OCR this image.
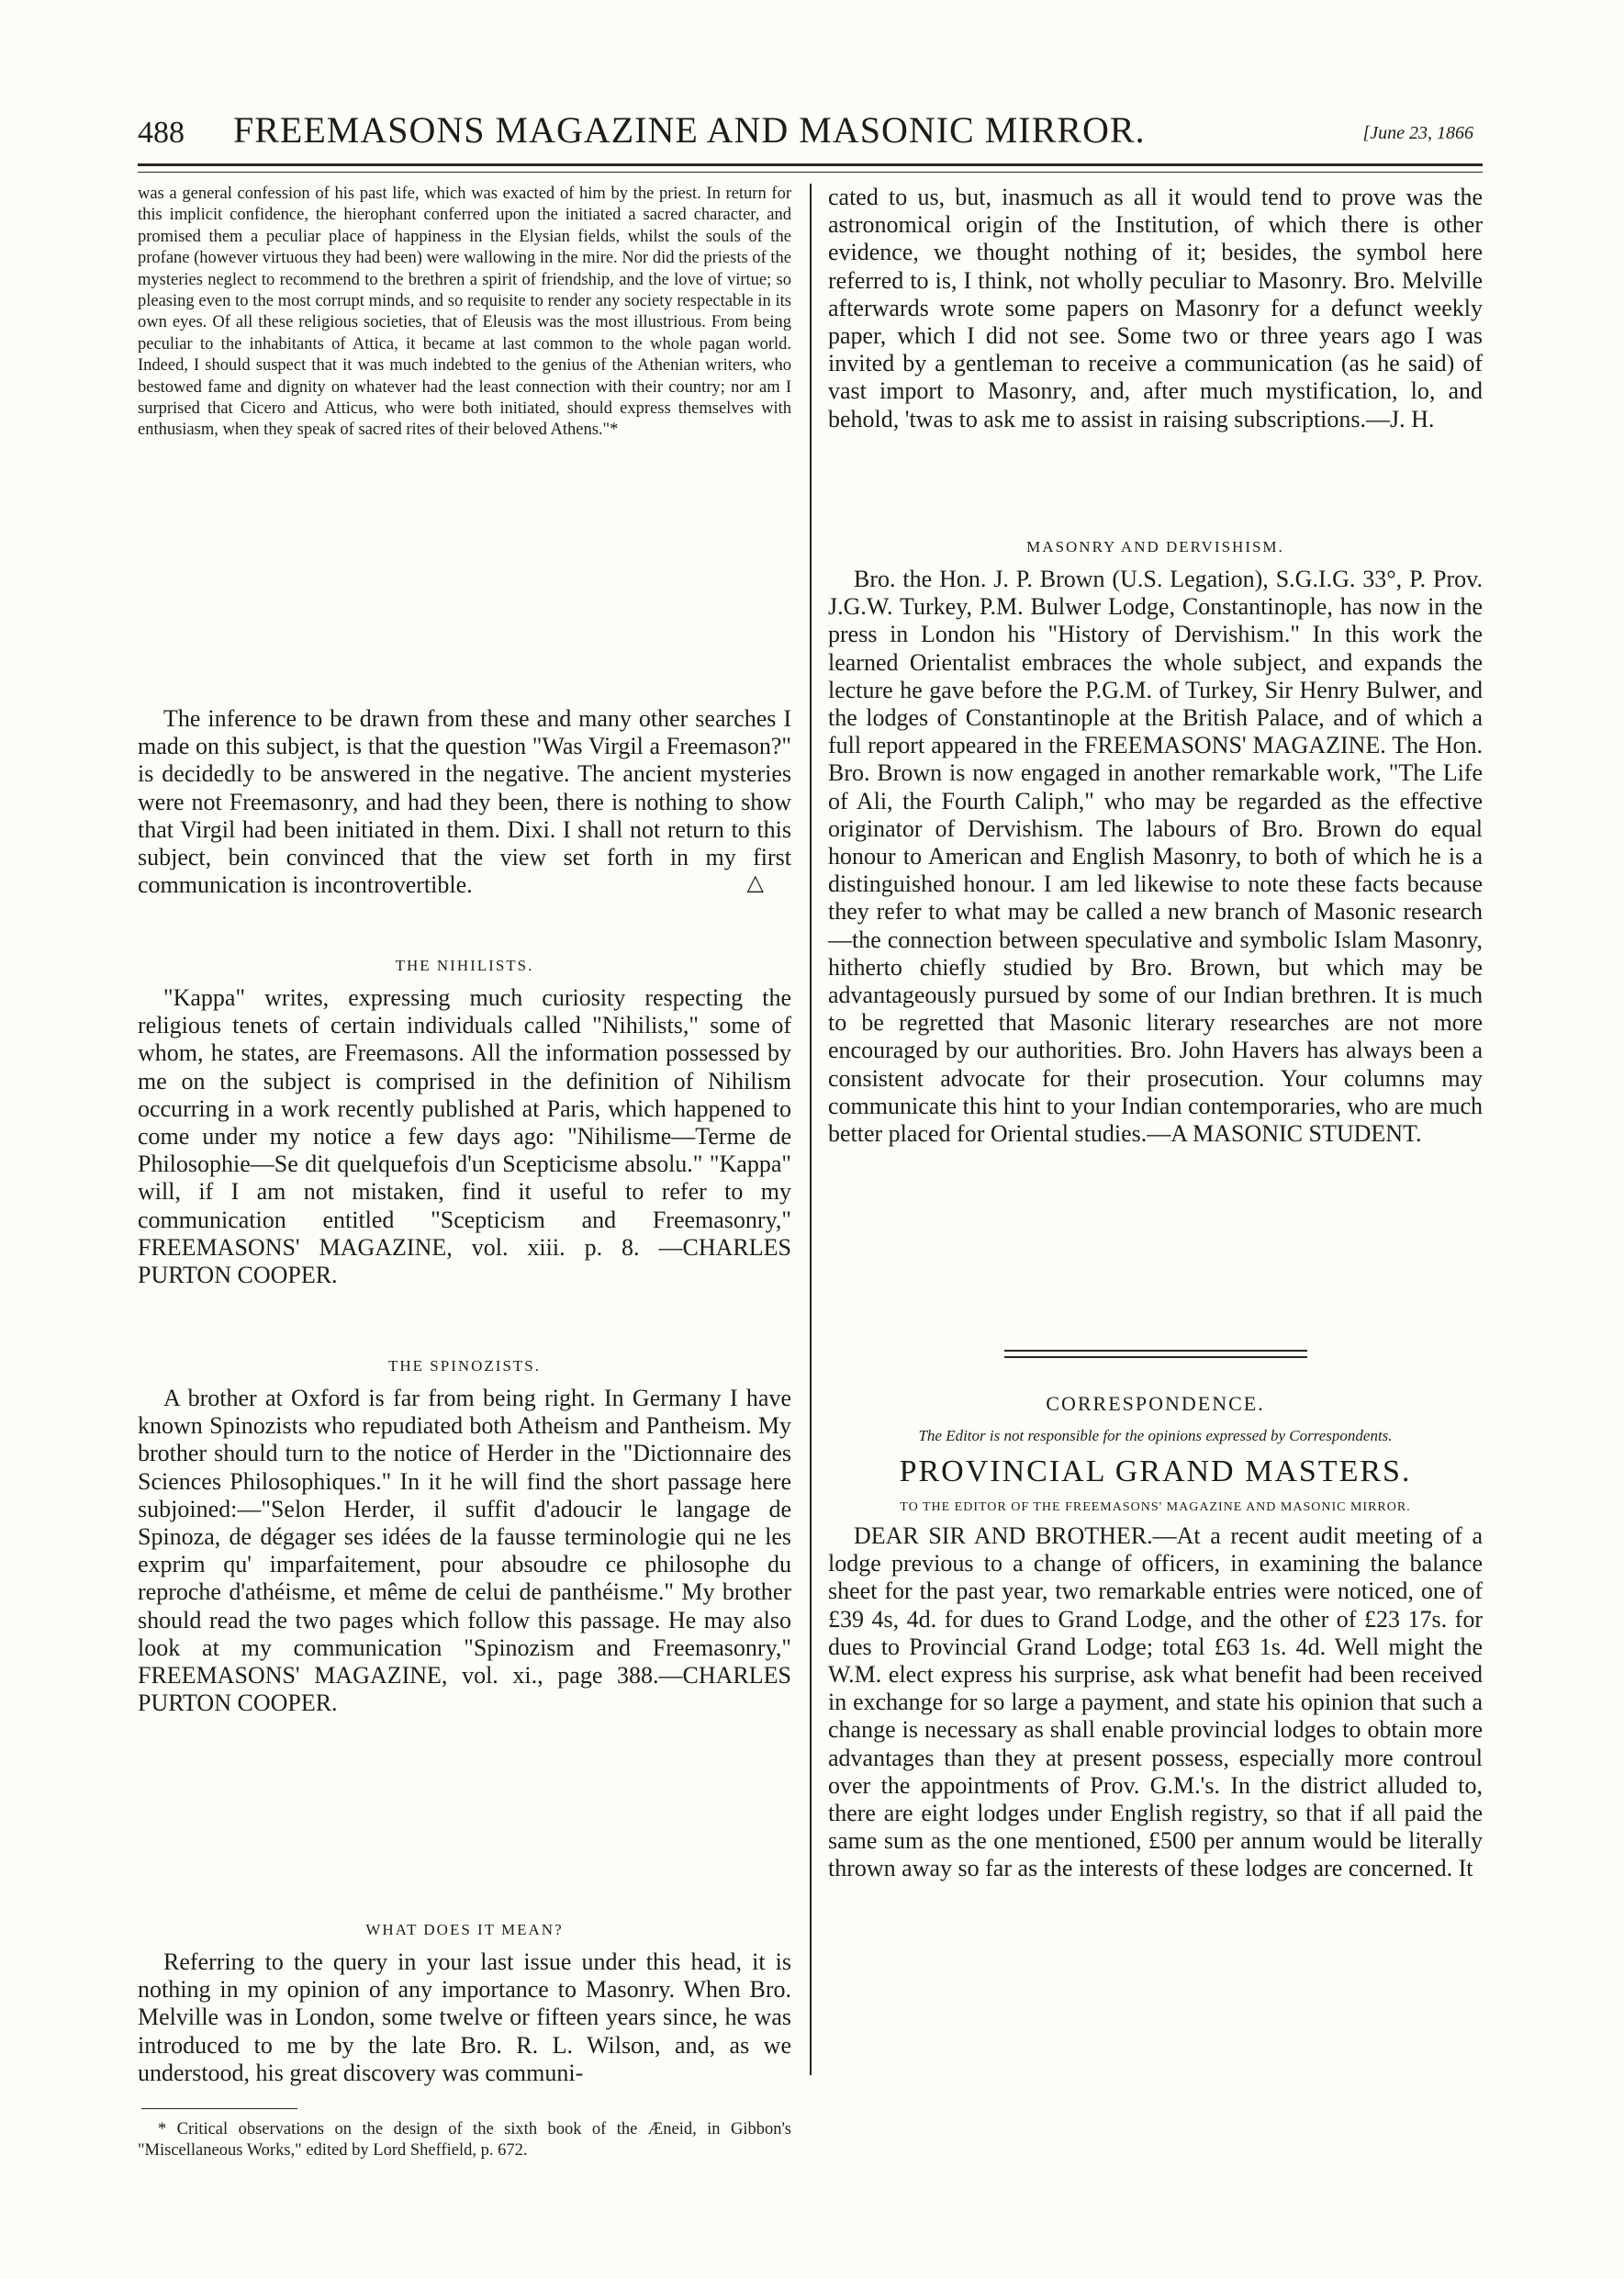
488 FREEMASONS MAGAZINE AND MASONIC MIRROR.	[June 23, 1866

was a general confession of his past life, which was exacted of him by the priest. In return for this implicit confidence, the hierophant conferred upon the initiated a sacred character, and promised them a peculiar place of happiness in the Elysian fields, whilst the souls of the profane (however virtuous they had been) were wallowing in the mire. Nor did the priests of the mysteries neglect to recommend to the brethren a spirit of friendship, and the love of virtue; so pleasing even to the most corrupt minds, and so requisite to render any society respectable in its own eyes. Of all these religious societies, that of Eleusis was the most illustrious. From being peculiar to the inhabitants of Attica, it became at last common to the whole pagan world. Indeed, I should suspect that it was much indebted to the genius of the Athenian writers, who bestowed fame and dignity on whatever had the least connection with their country; nor am I surprised that Cicero and Atticus, who were both initiated, should express themselves with enthusiasm, when they speak of sacred rites of their beloved Athens."*

The inference to be drawn from these and many other searches I made on this subject, is that the question "Was Virgil a Freemason?" is decidedly to be answered in the negative. The ancient mysteries were not Freemasonry, and had they been, there is nothing to show that Virgil had been initiated in them. Dixi. I shall not return to this subject, bein convinced that the view set forth in my first communication is incontrovertible.	△

THE NIHILISTS.

"Kappa" writes, expressing much curiosity respecting the religious tenets of certain individuals called "Nihilists," some of whom, he states, are Freemasons. All the information possessed by me on the subject is comprised in the definition of Nihilism occurring in a work recently published at Paris, which happened to come under my notice a few days ago: "Nihilisme—Terme de Philosophie—Se dit quelquefois d'un Scepticisme absolu." "Kappa" will, if I am not mistaken, find it useful to refer to my communication entitled "Scepticism and Freemasonry," FREEMASONS' MAGAZINE, vol. xiii. p. 8. —CHARLES PURTON COOPER.

THE SPINOZISTS.

A brother at Oxford is far from being right. In Germany I have known Spinozists who repudiated both Atheism and Pantheism. My brother should turn to the notice of Herder in the "Dictionnaire des Sciences Philosophiques." In it he will find the short passage here subjoined:—"Selon Herder, il suffit d'adoucir le langage de Spinoza, de dégager ses idées de la fausse terminologie qui ne les exprim qu' imparfaitement, pour absoudre ce philosophe du reproche d'athéisme, et même de celui de panthéisme." My brother should read the two pages which follow this passage. He may also look at my communication "Spinozism and Freemasonry," FREEMASONS' MAGAZINE, vol. xi., page 388.—CHARLES PURTON COOPER.

WHAT DOES IT MEAN?

Referring to the query in your last issue under this head, it is nothing in my opinion of any importance to Masonry. When Bro. Melville was in London, some twelve or fifteen years since, he was introduced to me by the late Bro. R. L. Wilson, and, as we understood, his great discovery was communi-

* Critical observations on the design of the sixth book of the Æneid, in Gibbon's "Miscellaneous Works," edited by Lord Sheffield, p. 672.

cated to us, but, inasmuch as all it would tend to prove was the astronomical origin of the Institution, of which there is other evidence, we thought nothing of it; besides, the symbol here referred to is, I think, not wholly peculiar to Masonry. Bro. Melville afterwards wrote some papers on Masonry for a defunct weekly paper, which I did not see. Some two or three years ago I was invited by a gentleman to receive a communication (as he said) of vast import to Masonry, and, after much mystification, lo, and behold, 'twas to ask me to assist in raising subscriptions.—J. H.

MASONRY AND DERVISHISM.

Bro. the Hon. J. P. Brown (U.S. Legation), S.G.I.G. 33°, P. Prov. J.G.W. Turkey, P.M. Bulwer Lodge, Constantinople, has now in the press in London his "History of Dervishism." In this work the learned Orientalist embraces the whole subject, and expands the lecture he gave before the P.G.M. of Turkey, Sir Henry Bulwer, and the lodges of Constantinople at the British Palace, and of which a full report appeared in the FREEMASONS' MAGAZINE. The Hon. Bro. Brown is now engaged in another remarkable work, "The Life of Ali, the Fourth Caliph," who may be regarded as the effective originator of Dervishism. The labours of Bro. Brown do equal honour to American and English Masonry, to both of which he is a distinguished honour. I am led likewise to note these facts because they refer to what may be called a new branch of Masonic research—the connection between speculative and symbolic Islam Masonry, hitherto chiefly studied by Bro. Brown, but which may be advantageously pursued by some of our Indian brethren. It is much to be regretted that Masonic literary researches are not more encouraged by our authorities. Bro. John Havers has always been a consistent advocate for their prosecution. Your columns may communicate this hint to your Indian contemporaries, who are much better placed for Oriental studies.—A MASONIC STUDENT.

CORRESPONDENCE.

The Editor is not responsible for the opinions expressed by Correspondents.

PROVINCIAL GRAND MASTERS.

TO THE EDITOR OF THE FREEMASONS' MAGAZINE AND MASONIC MIRROR.

DEAR SIR AND BROTHER.—At a recent audit meeting of a lodge previous to a change of officers, in examining the balance sheet for the past year, two remarkable entries were noticed, one of £39 4s, 4d. for dues to Grand Lodge, and the other of £23 17s. for dues to Provincial Grand Lodge; total £63 1s. 4d. Well might the W.M. elect express his surprise, ask what benefit had been received in exchange for so large a payment, and state his opinion that such a change is necessary as shall enable provincial lodges to obtain more advantages than they at present possess, especially more controul over the appointments of Prov. G.M.'s. In the district alluded to, there are eight lodges under English registry, so that if all paid the same sum as the one mentioned, £500 per annum would be literally thrown away so far as the interests of these lodges are concerned. It
